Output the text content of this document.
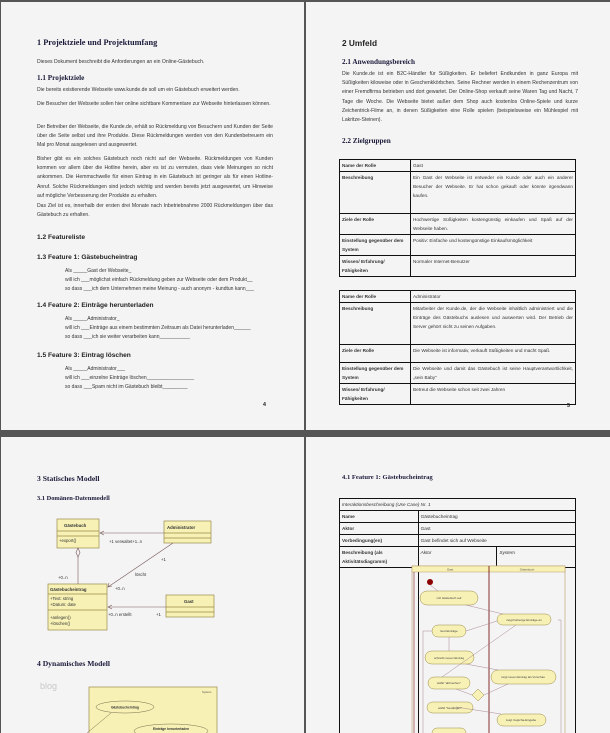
1 Projektziele und Projektumfang
Dieses Dokument beschreibt die Anforderungen an ein Online-Gästebuch.
1.1 Projektziele
Die bereits existierende Webseite www.kunde.de soll um ein Gästebuch erweitert werden.
Die Besucher der Webseite sollen hier online sichtbare Kommentare zur Webseite hinterlassen können.
Der Betreiber der Webseite, die Kunde.de, erhält so Rückmeldung von Besuchern und Kunden der Seite über die Seite selbst und ihre Produkte. Diese Rückmeldungen werden von den Kundenbetreuern ein Mal pro Monat ausgelesen und ausgewertet.
Bisher gibt es ein solches Gästebuch noch nicht auf der Webseite. Rückmeldungen von Kunden kommen vor allem über die Hotline herein, aber es ist zu vermuten, dass viele Meinungen so nicht ankommen. Die Hemmschwelle für einen Eintrag in ein Gästebuch ist geringer als für einen Hotline-Anruf. Solche Rückmeldungen sind jedoch wichtig und werden bereits jetzt ausgewertet, um Hinweise auf mögliche Verbesserung der Produkte zu erhalten.
Das Ziel ist es, innerhalb der ersten drei Monate nach Inbetriebnahme 2000 Rückmeldungen über das Gästebuch zu erhalten.
1.2 Featureliste
1.3 Feature 1: Gästebucheintrag
Als _____Gast der Webseite_
will ich ___möglichst einfach Rückmeldung geben zur Webseite oder dem Produkt__
so dass ___ich dem Unternehmen meine Meinung - auch anonym - kundtun kann___
1.4 Feature 2: Einträge herunterladen
Als _____Administrator_
will ich ___Einträge aus einem bestimmten Zeitraum als Datei herunterladen______
so dass ___ich sie weiter verarbeiten kann___________
1.5 Feature 3: Eintrag löschen
Als _____Administrator___
will ich ___einzelne Einträge löschen_________________
so dass ___Spam nicht im Gästebuch bleibt_________
4
2 Umfeld
2.1 Anwendungsbereich
Die Kunde.de ist ein B2C-Händler für Süßigkeiten. Er beliefert Endkunden in ganz Europa mit Süßigkeiten kiloweise oder in Geschenkkörbchen. Seine Rechner werden in einem Rechenzentrum von einer Fremdfirma betrieben und dort gewartet. Der Online-Shop verkauft seine Waren Tag und Nacht, 7 Tage die Woche. Die Webseite bietet außer dem Shop auch kostenlos Online-Spiele und kurze Zeichentrick-Filme an, in denen Süßigkeiten eine Rolle spielen (beispielsweise ein Mühlespiel mit Lakritze-Steinen).
2.2 Zielgruppen
Name der Rolle	Gast
Beschreibung	Ein Gast der Webseite ist entweder ein Kunde oder auch ein anderer Besucher der Webseite. Er hat schon gekauft oder könnte irgendwann kaufen.
Ziele der Rolle	Hochwertige Süßigkeiten kostengünstig einkaufen und Spaß auf der Webseite haben.
Einstellung gegenüber dem System	Positiv: Einfache und kostengünstige Einkaufsmöglichkeit
Wissen/ Erfahrung/ Fähigkeiten	Normaler Internet-Benutzer
Name der Rolle	Administrator
Beschreibung	Mitarbeiter der Kunde.de, der die Webseite inhaltlich administriert und die Einträge des Gästebuchs auslesen und auswerten wird. Der Betrieb der Server gehört nicht zu seinen Aufgaben.
Ziele der Rolle	Die Webseite ist informativ, verkauft Süßigkeiten und macht Spaß.
Einstellung gegenüber dem System	Die Webseite und damit das Gästebuch ist seine Hauptverantwortlichkeit, „sein Baby“
Wissen/ Erfahrung/ Fähigkeiten	Betreut die Webseite schon seit zwei Jahren
5
3 Statisches Modell
3.1 Domänen-Datenmodell
Gästebuch
+export()
Administrator
Gästebucheintrag
+Text: string
+Datum: date
+anlegen()
+löschen()
Gast
+1 verwaltet+1..n
+1
löscht
+0..n
+0..n
+0..n erstellt	+1
4 Dynamisches Modell
blog
System
Gästebucheintrag
Einträge herunterladen
4.1 Feature 1: Gästebucheintrag
Interaktionsbeschreibung (Use Case) Nr. 1		
Name	Gästebucheintrag	
Aktor	Gast	
Vorbedingung(en)	Gast befindet sich auf Webseite	
Beschreibung (als Aktivitätsdiagramm)	Aktor	System

Gast	Gästebuch
ruft Gästebuch auf
zeigt bisherige Einträge an
liest Einträge
schreibt neuen Eintrag
zeigt neuen Eintrag als Vorschau
wählt "abbrechen"
wählt "bestätigen"
zeigt Captcha-Eingabe
